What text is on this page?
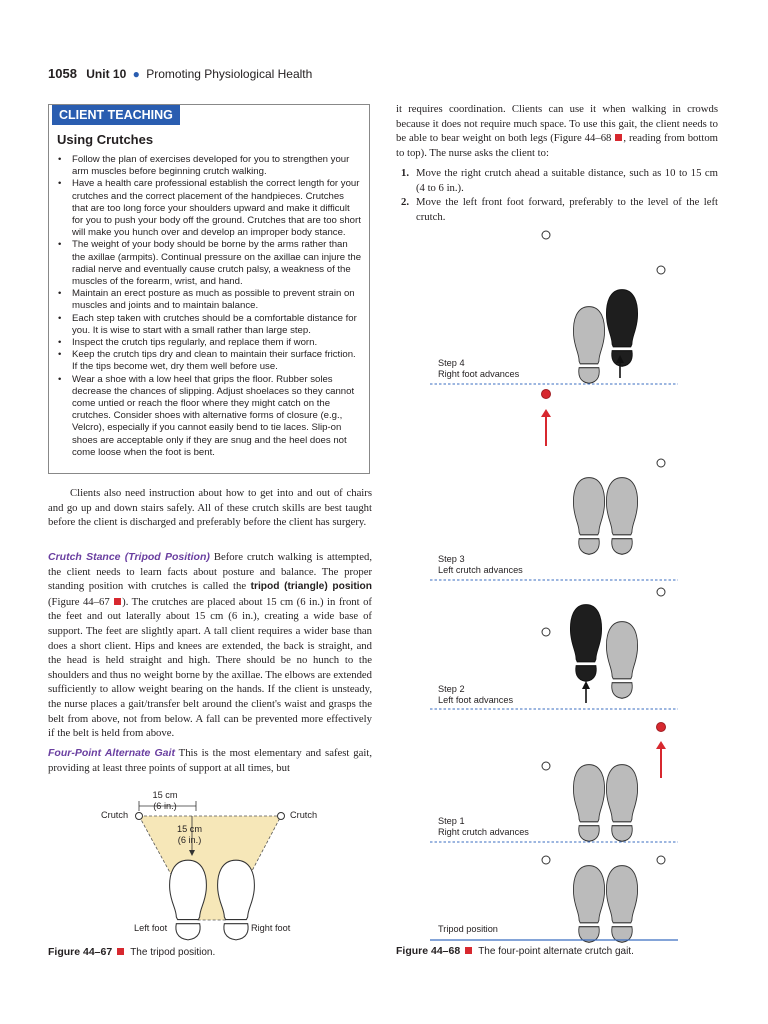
1058 Unit 10 ● Promoting Physiological Health
CLIENT TEACHING
Using Crutches
• Follow the plan of exercises developed for you to strengthen your arm muscles before beginning crutch walking.
• Have a health care professional establish the correct length for your crutches and the correct placement of the handpieces. Crutches that are too long force your shoulders upward and make it difficult for you to push your body off the ground. Crutches that are too short will make you hunch over and develop an improper body stance.
• The weight of your body should be borne by the arms rather than the axillae (armpits). Continual pressure on the axillae can injure the radial nerve and eventually cause crutch palsy, a weakness of the muscles of the forearm, wrist, and hand.
• Maintain an erect posture as much as possible to prevent strain on muscles and joints and to maintain balance.
• Each step taken with crutches should be a comfortable distance for you. It is wise to start with a small rather than large step.
• Inspect the crutch tips regularly, and replace them if worn.
• Keep the crutch tips dry and clean to maintain their surface friction. If the tips become wet, dry them well before use.
• Wear a shoe with a low heel that grips the floor. Rubber soles decrease the chances of slipping. Adjust shoelaces so they cannot come untied or reach the floor where they might catch on the crutches. Consider shoes with alternative forms of closure (e.g., Velcro), especially if you cannot easily bend to tie laces. Slip-on shoes are acceptable only if they are snug and the heel does not come loose when the foot is bent.

Clients also need instruction about how to get into and out of chairs and go up and down stairs safely. All of these crutch skills are best taught before the client is discharged and preferably before the client has surgery.

Crutch Stance (Tripod Position) Before crutch walking is attempted, the client needs to learn facts about posture and balance. The proper standing position with crutches is called the tripod (triangle) position (Figure 44–67 ). The crutches are placed about 15 cm (6 in.) in front of the feet and out laterally about 15 cm (6 in.), creating a wide base of support. The feet are slightly apart. A tall client requires a wider base than does a short client. Hips and knees are extended, the back is straight, and the head is held straight and high. There should be no hunch to the shoulders and thus no weight borne by the axillae. The elbows are extended sufficiently to allow weight bearing on the hands. If the client is unsteady, the nurse places a gait/transfer belt around the client's waist and grasps the belt from above, not from below. A fall can be prevented more effectively if the belt is held from above.

Four-Point Alternate Gait This is the most elementary and safest gait, providing at least three points of support at all times, but

it requires coordination. Clients can use it when walking in crowds because it does not require much space. To use this gait, the client needs to be able to bear weight on both legs (Figure 44–68 , reading from bottom to top). The nurse asks the client to:

1. Move the right crutch ahead a suitable distance, such as 10 to 15 cm (4 to 6 in.).
2. Move the left front foot forward, preferably to the level of the left crutch.
15 cm
(6 in.)
15 cm
(6 in.)
Crutch	Crutch
Left foot	Right foot
Figure 44–67 The tripod position.
Step 4
Right foot advances
Step 3
Left crutch advances
Step 2
Left foot advances
Step 1
Right crutch advances
Tripod position
Figure 44–68 The four-point alternate crutch gait.
